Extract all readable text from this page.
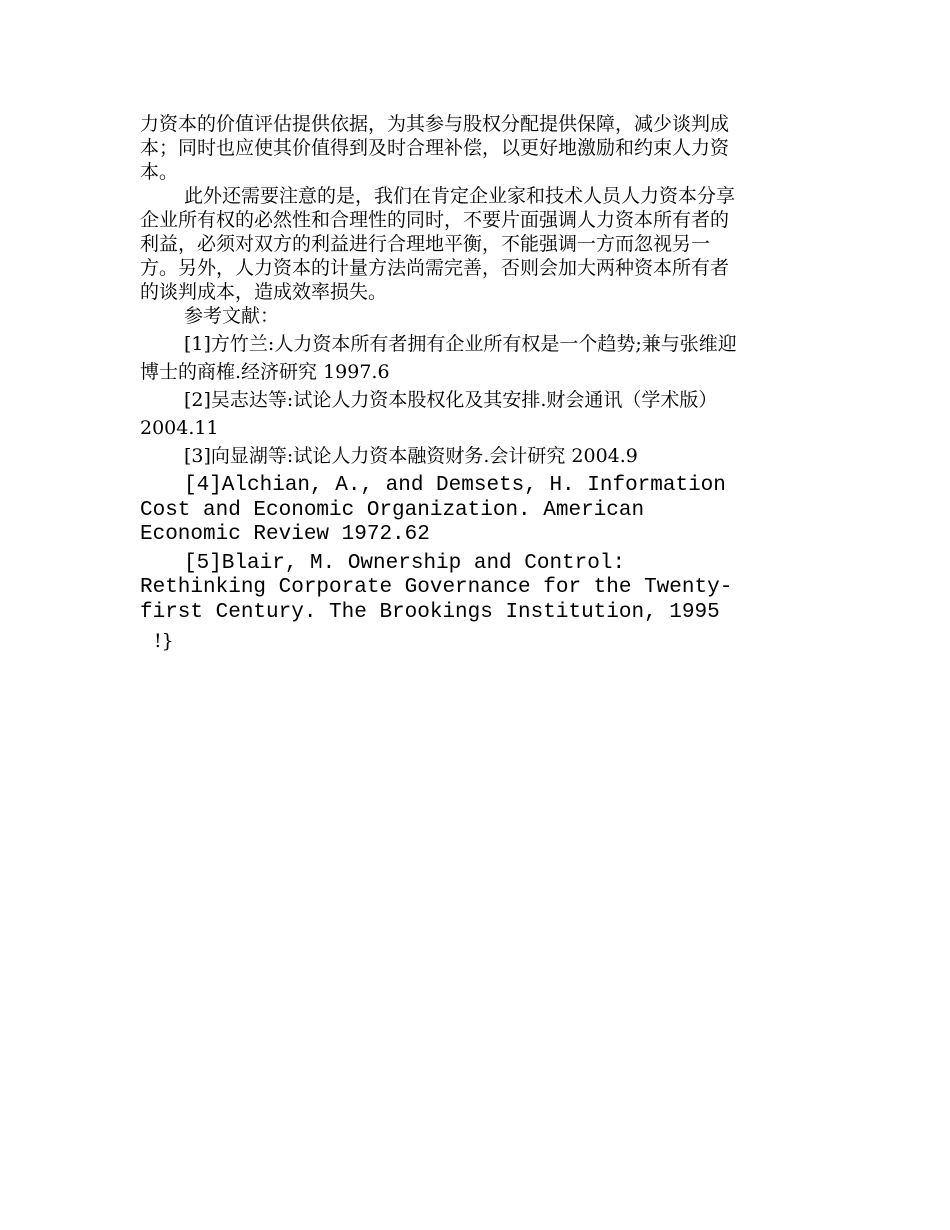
力资本的价值评估提供依据，为其参与股权分配提供保障，减少谈判成本；同时也应使其价值得到及时合理补偿，以更好地激励和约束人力资本。

此外还需要注意的是，我们在肯定企业家和技术人员人力资本分享企业所有权的必然性和合理性的同时，不要片面强调人力资本所有者的利益，必须对双方的利益进行合理地平衡，不能强调一方而忽视另一方。另外，人力资本的计量方法尚需完善，否则会加大两种资本所有者的谈判成本，造成效率损失。

参考文献：

[1]方竹兰:人力资本所有者拥有企业所有权是一个趋势;兼与张维迎博士的商榷.经济研究 1997.6

[2]吴志达等:试论人力资本股权化及其安排.财会通讯（学术版）2004.11

[3]向显湖等:试论人力资本融资财务.会计研究 2004.9

[4]Alchian, A., and Demsets, H. Information Cost and Economic Organization. American Economic Review 1972.62

[5]Blair, M. Ownership and Control: Rethinking Corporate Governance for the Twenty-first Century. The Brookings Institution, 1995

!}
